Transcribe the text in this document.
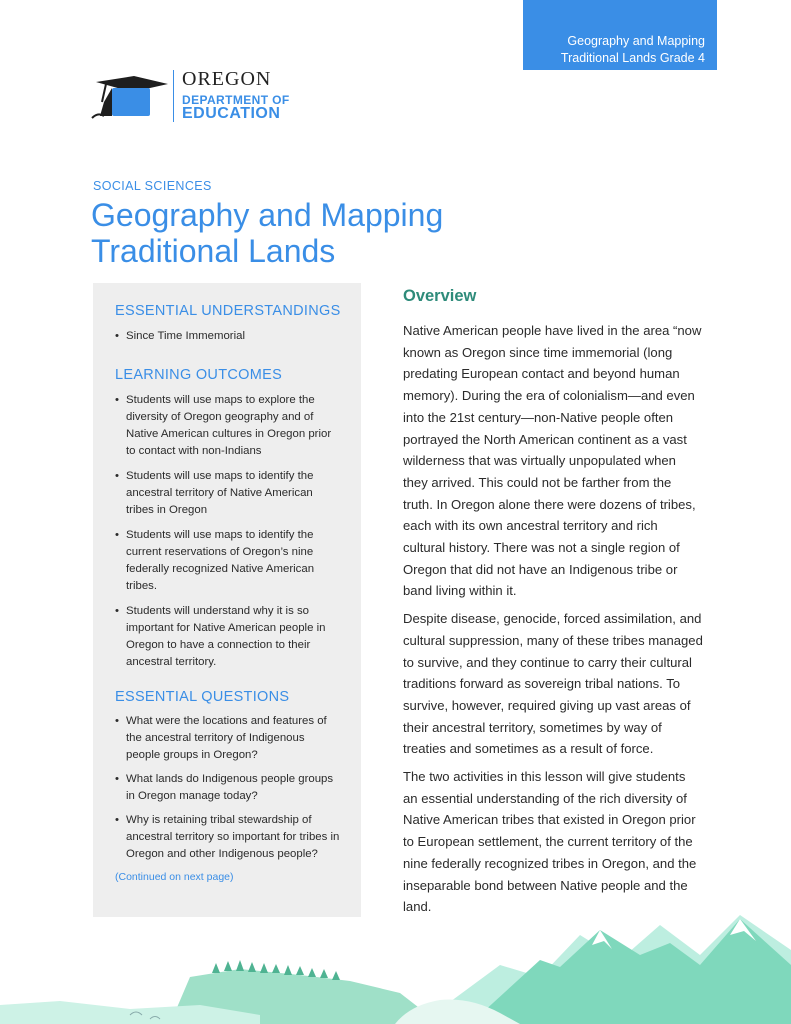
Geography and Mapping
Traditional Lands Grade 4
OREGON
DEPARTMENT OF
EDUCATION
SOCIAL SCIENCES
Geography and Mapping
Traditional Lands
ESSENTIAL UNDERSTANDINGS
• Since Time Immemorial
LEARNING OUTCOMES
• Students will use maps to explore the diversity of Oregon geography and of Native American cultures in Oregon prior to contact with non-Indians
• Students will use maps to identify the ancestral territory of Native American tribes in Oregon
• Students will use maps to identify the current reservations of Oregon’s nine federally recognized Native American tribes.
• Students will understand why it is so important for Native American people in Oregon to have a connection to their ancestral territory.
ESSENTIAL QUESTIONS
• What were the locations and features of the ancestral territory of Indigenous people groups in Oregon?
• What lands do Indigenous people groups in Oregon manage today?
• Why is retaining tribal stewardship of ancestral territory so important for tribes in Oregon and other Indigenous people?
(Continued on next page)
Overview

Native American people have lived in the area “now known as Oregon since time immemorial (long predating European contact and beyond human memory). During the era of colonialism—and even into the 21st century—non-Native people often portrayed the North American continent as a vast wilderness that was virtually unpopulated when they arrived. This could not be farther from the truth. In Oregon alone there were dozens of tribes, each with its own ancestral territory and rich cultural history. There was not a single region of Oregon that did not have an Indigenous tribe or band living within it.

Despite disease, genocide, forced assimilation, and cultural suppression, many of these tribes managed to survive, and they continue to carry their cultural traditions forward as sovereign tribal nations. To survive, however, required giving up vast areas of their ancestral territory, sometimes by way of treaties and sometimes as a result of force.

The two activities in this lesson will give students an essential understanding of the rich diversity of Native American tribes that existed in Oregon prior to European settlement, the current territory of the nine federally recognized tribes in Oregon, and the inseparable bond between Native people and the land.
